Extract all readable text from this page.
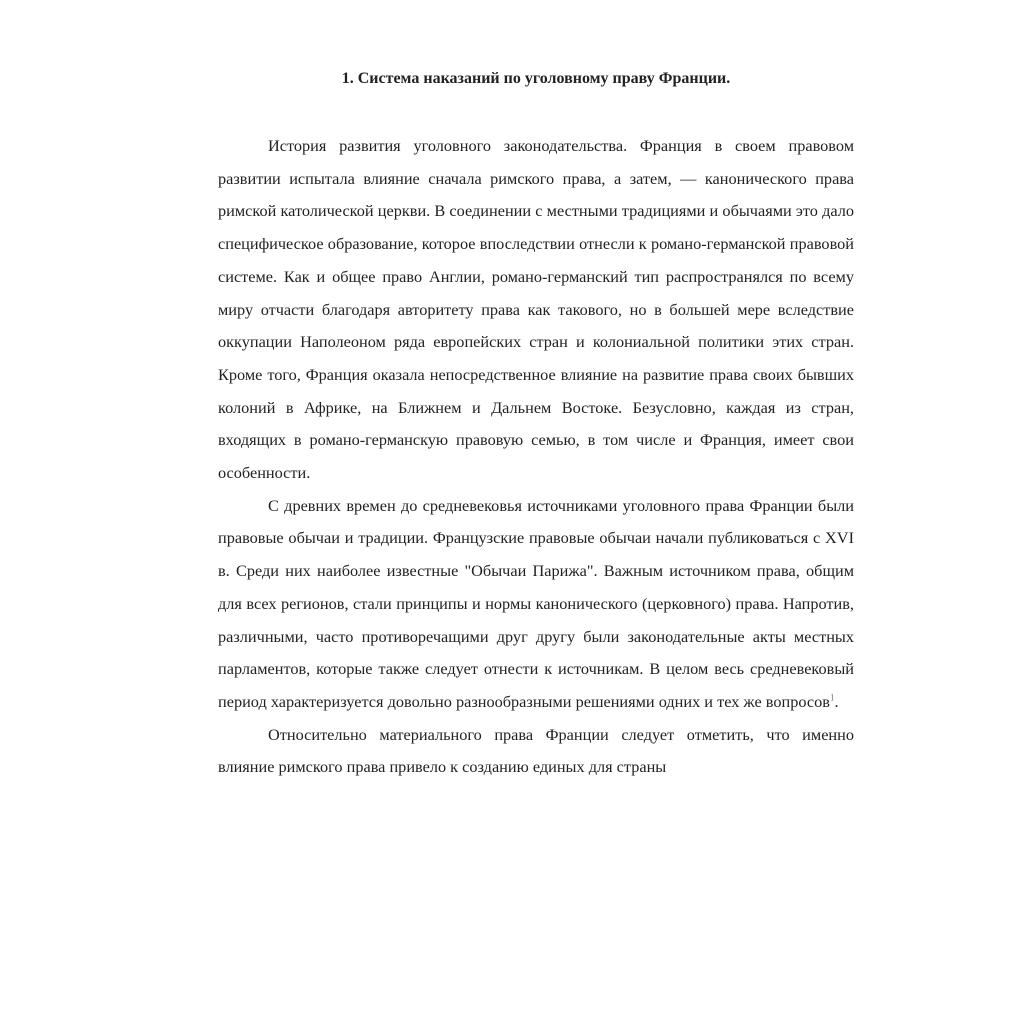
1. Система наказаний по уголовному праву Франции.

История развития уголовного законодательства. Франция в своем правовом развитии испытала влияние сначала римского права, а затем, — канонического права римской католической церкви. В соединении с местными традициями и обычаями это дало специфическое образование, которое впоследствии отнесли к романо-германской правовой системе. Как и общее право Англии, романо-германский тип распространялся по всему миру отчасти благодаря авторитету права как такового, но в большей мере вследствие оккупации Наполеоном ряда европейских стран и колониальной политики этих стран. Кроме того, Франция оказала непосредственное влияние на развитие права своих бывших колоний в Африке, на Ближнем и Дальнем Востоке. Безусловно, каждая из стран, входящих в романо-германскую правовую семью, в том числе и Франция, имеет свои особенности.

С древних времен до средневековья источниками уголовного права Франции были правовые обычаи и традиции. Французские правовые обычаи начали публиковаться с XVI в. Среди них наиболее известные "Обычаи Парижа". Важным источником права, общим для всех регионов, стали принципы и нормы канонического (церковного) права. Напротив, различными, часто противоречащими друг другу были законодательные акты местных парламентов, которые также следует отнести к источникам. В целом весь средневековый период характеризуется довольно разнообразными решениями одних и тех же вопросов$^1$.

Относительно материального права Франции следует отметить, что именно влияние римского права привело к созданию единых для страны
